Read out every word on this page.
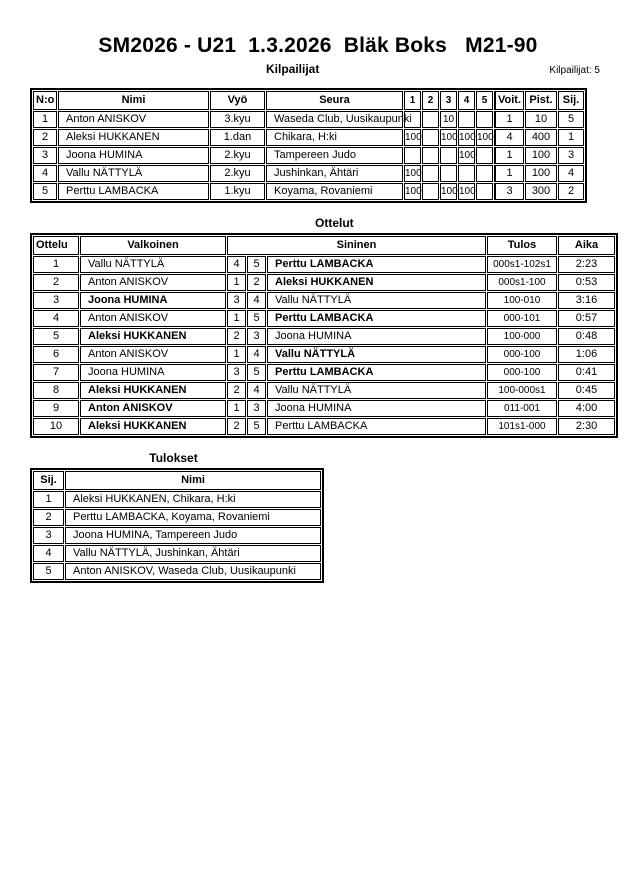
SM2026 - U21  1.3.2026  Bläk Boks   M21-90
Kilpailijat	Kilpailijat: 5
N:o	Nimi	Vyö	Seura	1	2	3	4	5	Voit.	Pist.	Sij.
1	Anton ANISKOV	3.kyu	Waseda Club, Uusikaupunki			10			1	10	5
2	Aleksi HUKKANEN	1.dan	Chikara, H:ki	100		100	100	100	4	400	1
3	Joona HUMINA	2.kyu	Tampereen Judo				100		1	100	3
4	Vallu NÄTTYLÄ	2.kyu	Jushinkan, Ähtäri	100					1	100	4
5	Perttu LAMBACKA	1.kyu	Koyama, Rovaniemi	100		100	100		3	300	2
Ottelut
Ottelu	Valkoinen	Sininen			Tulos	Aika
1	Vallu NÄTTYLÄ	4	5	Perttu LAMBACKA	000s1-102s1	2:23
2	Anton ANISKOV	1	2	Aleksi HUKKANEN	000s1-100	0:53
3	Joona HUMINA	3	4	Vallu NÄTTYLÄ	100-010	3:16
4	Anton ANISKOV	1	5	Perttu LAMBACKA	000-101	0:57
5	Aleksi HUKKANEN	2	3	Joona HUMINA	100-000	0:48
6	Anton ANISKOV	1	4	Vallu NÄTTYLÄ	000-100	1:06
7	Joona HUMINA	3	5	Perttu LAMBACKA	000-100	0:41
8	Aleksi HUKKANEN	2	4	Vallu NÄTTYLÄ	100-000s1	0:45
9	Anton ANISKOV	1	3	Joona HUMINA	011-001	4:00
10	Aleksi HUKKANEN	2	5	Perttu LAMBACKA	101s1-000	2:30
Tulokset
Sij.	Nimi
1	Aleksi HUKKANEN, Chikara, H:ki
2	Perttu LAMBACKA, Koyama, Rovaniemi
3	Joona HUMINA, Tampereen Judo
4	Vallu NÄTTYLÄ, Jushinkan, Ähtäri
5	Anton ANISKOV, Waseda Club, Uusikaupunki
